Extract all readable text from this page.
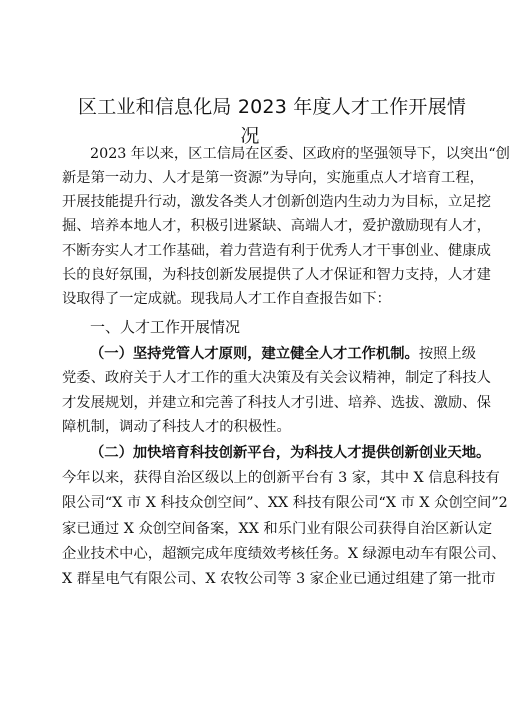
区工业和信息化局 2023 年度人才工作开展情
况
2023 年以来，区工信局在区委、区政府的坚强领导下，以突出“创
新是第一动力、人才是第一资源”为导向，实施重点人才培育工程，
开展技能提升行动，激发各类人才创新创造内生动力为目标，立足挖
掘、培养本地人才，积极引进紧缺、高端人才，爱护激励现有人才，
不断夯实人才工作基础，着力营造有利于优秀人才干事创业、健康成
长的良好氛围，为科技创新发展提供了人才保证和智力支持，人才建
设取得了一定成就。现我局人才工作自查报告如下：
一、人才工作开展情况
（一）坚持党管人才原则，建立健全人才工作机制。按照上级
党委、政府关于人才工作的重大决策及有关会议精神，制定了科技人
才发展规划，并建立和完善了科技人才引进、培养、选拔、激励、保
障机制，调动了科技人才的积极性。
（二）加快培育科技创新平台，为科技人才提供创新创业天地。
今年以来，获得自治区级以上的创新平台有 3 家，其中 X 信息科技有
限公司“X 市 X 科技众创空间”、XX 科技有限公司“X 市 X 众创空间”2
家已通过 X 众创空间备案，XX 和乐门业有限公司获得自治区新认定
企业技术中心，超额完成年度绩效考核任务。X 绿源电动车有限公司、
X 群星电气有限公司、X 农牧公司等 3 家企业已通过组建了第一批市
